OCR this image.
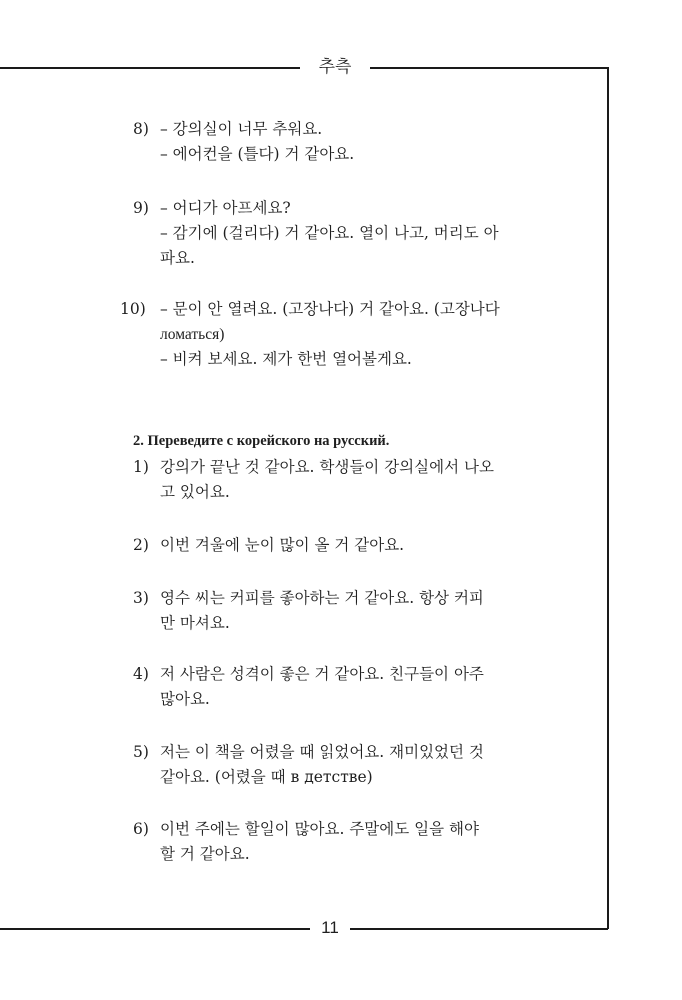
추측
11
8) – 강의실이 너무 추워요.
– 에어컨을 (틀다) 거 같아요.
9) – 어디가 아프세요?
– 감기에 (걸리다) 거 같아요. 열이 나고, 머리도 아
파요.
10) – 문이 안 열려요. (고장나다) 거 같아요. (고장나다
ломаться)
– 비켜 보세요. 제가 한번 열어볼게요.
2. Переведите с корейского на русский.
1) 강의가 끝난 것 같아요. 학생들이 강의실에서 나오
고 있어요.
2) 이번 겨울에 눈이 많이 올 거 같아요.
3) 영수 씨는 커피를 좋아하는 거 같아요. 항상 커피
만 마셔요.
4) 저 사람은 성격이 좋은 거 같아요. 친구들이 아주
많아요.
5) 저는 이 책을 어렸을 때 읽었어요. 재미있었던 것
같아요. (어렸을 때 в детстве)
6) 이번 주에는 할일이 많아요. 주말에도 일을 해야
할 거 같아요.
